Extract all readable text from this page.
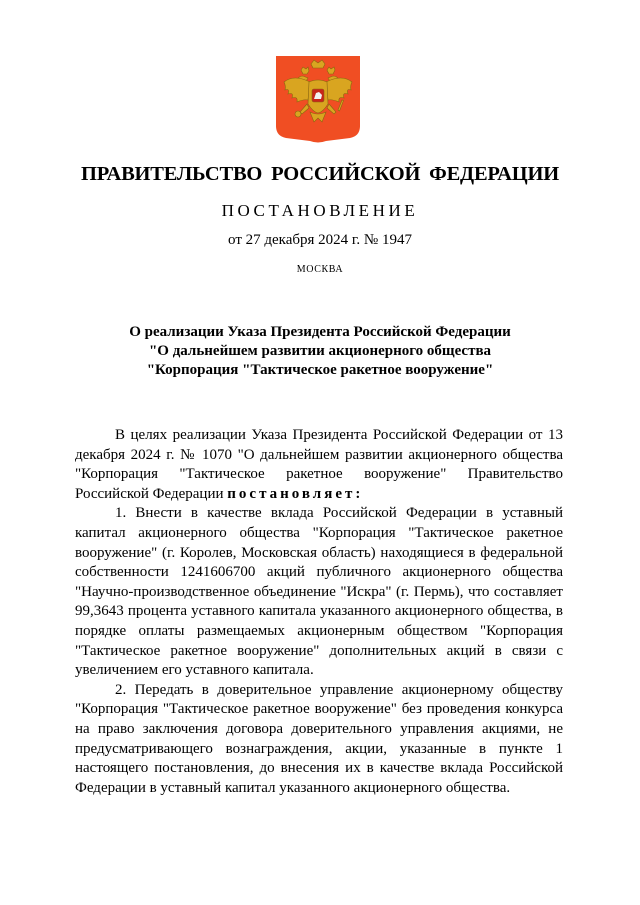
ПРАВИТЕЛЬСТВО РОССИЙСКОЙ ФЕДЕРАЦИИ
ПОСТАНОВЛЕНИЕ
от 27 декабря 2024 г. № 1947
МОСКВА
О реализации Указа Президента Российской Федерации
"О дальнейшем развитии акционерного общества
"Корпорация "Тактическое ракетное вооружение"

В целях реализации Указа Президента Российской Федерации от 13 декабря 2024 г. № 1070 "О дальнейшем развитии акционерного общества "Корпорация "Тактическое ракетное вооружение" Правительство Российской Федерации постановляет:

1. Внести в качестве вклада Российской Федерации в уставный капитал акционерного общества "Корпорация "Тактическое ракетное вооружение" (г. Королев, Московская область) находящиеся в федеральной собственности 1241606700 акций публичного акционерного общества "Научно-производственное объединение "Искра" (г. Пермь), что составляет 99,3643 процента уставного капитала указанного акционерного общества, в порядке оплаты размещаемых акционерным обществом "Корпорация "Тактическое ракетное вооружение" дополнительных акций в связи с увеличением его уставного капитала.

2. Передать в доверительное управление акционерному обществу "Корпорация "Тактическое ракетное вооружение" без проведения конкурса на право заключения договора доверительного управления акциями, не предусматривающего вознаграждения, акции, указанные в пункте 1 настоящего постановления, до внесения их в качестве вклада Российской Федерации в уставный капитал указанного акционерного общества.
